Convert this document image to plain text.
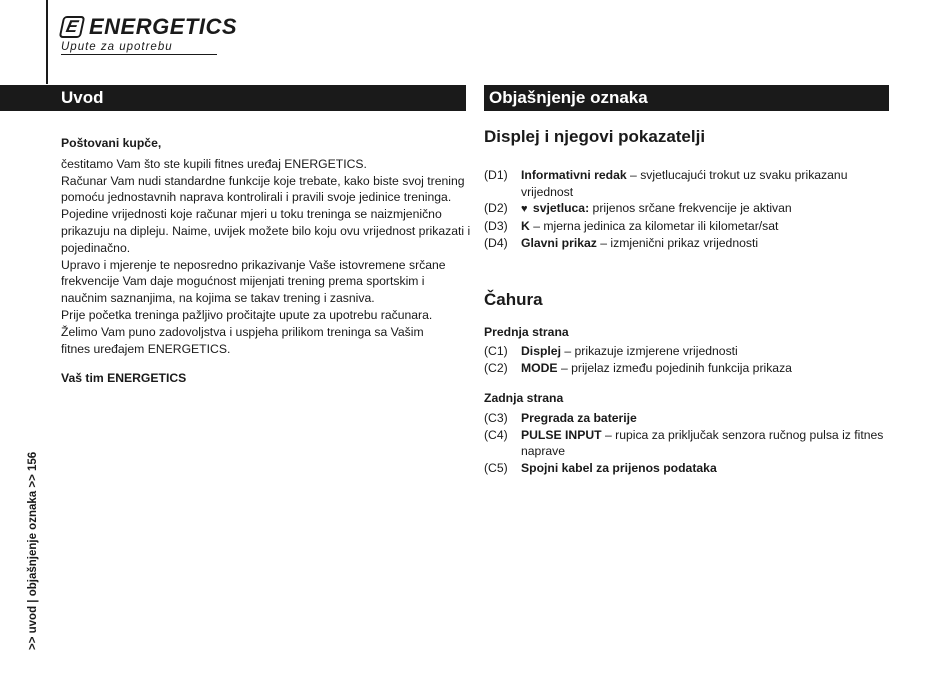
E ENERGETICS
Upute za upotrebu
Uvod	Objašnjenje oznaka
Poštovani kupče,
čestitamo Vam što ste kupili fitnes uređaj ENERGETICS.
Računar Vam nudi standardne funkcije koje trebate, kako biste svoj trening
pomoću jednostavnih naprava kontrolirali i pravili svoje jedinice treninga.
Pojedine vrijednosti koje računar mjeri u toku treninga se naizmjenično
prikazuju na dipleju. Naime, uvijek možete bilo koju ovu vrijednost prikazati i
pojedinačno.
Upravo i mjerenje te neposredno prikazivanje Vaše istovremene srčane
frekvencije Vam daje mogućnost mijenjati trening prema sportskim i
naučnim saznanjima, na kojima se takav trening i zasniva.
Prije početka treninga pažljivo pročitajte upute za upotrebu računara.
Želimo Vam puno zadovoljstva i uspjeha prilikom treninga sa Vašim
fitnes uređajem ENERGETICS.
Vaš tim ENERGETICS
>> uvod | objašnjenje oznaka >> 156
Displej i njegovi pokazatelji
(D1)	Informativni redak – svjetlucajući trokut uz svaku prikazanu vrijednost
(D2)	♥ svjetluca: prijenos srčane frekvencije je aktivan
(D3)	K – mjerna jedinica za kilometar ili kilometar/sat
(D4)	Glavni prikaz – izmjenični prikaz vrijednosti
Čahura
Prednja strana
(C1)	Displej – prikazuje izmjerene vrijednosti
(C2)	MODE – prijelaz između pojedinih funkcija prikaza
Zadnja strana
(C3)	Pregrada za baterije
(C4)	PULSE INPUT – rupica za priključak senzora ručnog pulsa iz fitnes naprave
(C5)	Spojni kabel za prijenos podataka
